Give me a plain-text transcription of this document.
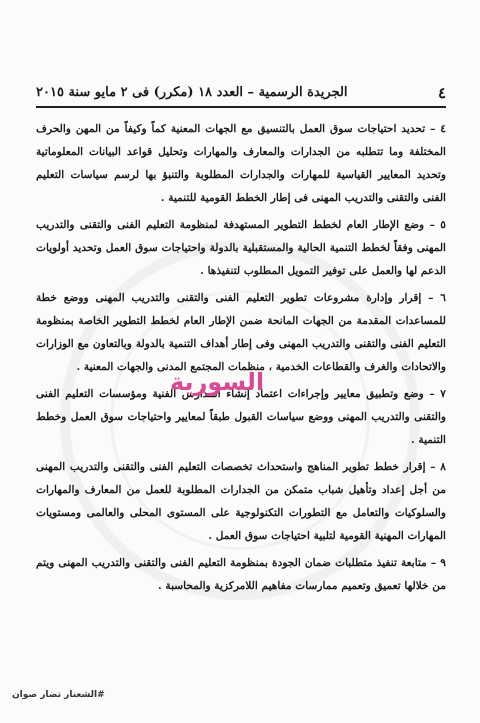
٤
الجريدة الرسمية – العدد ١٨ (مكرر) فى ٢ مايو سنة ٢٠١٥

٤ – تحديد احتياجات سوق العمل بالتنسيق مع الجهات المعنية كماً وكيفاً من المهن والحرف المختلفة وما تتطلبه من الجدارات والمعارف والمهارات وتحليل قواعد البيانات المعلوماتية وتحديد المعايير القياسية للمهارات والجدارات المطلوبة والتنبؤ بها لرسم سياسات التعليم الفنى والتقنى والتدريب المهنى فى إطار الخطط القومية للتنمية .

٥ – وضع الإطار العام لخطط التطوير المستهدفة لمنظومة التعليم الفنى والتقنى والتدريب المهنى وفقاً لخطط التنمية الحالية والمستقبلية بالدولة واحتياجات سوق العمل وتحديد أولويات الدعم لها والعمل على توفير التمويل المطلوب لتنفيذها .

٦ – إقرار وإدارة مشروعات تطوير التعليم الفنى والتقنى والتدريب المهنى ووضع خطة للمساعدات المقدمة من الجهات المانحة ضمن الإطار العام لخطط التطوير الخاصة بمنظومة التعليم الفنى والتقنى والتدريب المهنى وفى إطار أهداف التنمية بالدولة وبالتعاون مع الوزارات والاتحادات والغرف والقطاعات الخدمية ، منظمات المجتمع المدنى والجهات المعنية .

٧ – وضع وتطبيق معايير وإجراءات اعتماد إنشاء المدارس الفنية ومؤسسات التعليم الفنى والتقنى والتدريب المهنى ووضع سياسات القبول طبقاً لمعايير واحتياجات سوق العمل وخطط التنمية .

٨ – إقرار خطط تطوير المناهج واستحداث تخصصات التعليم الفنى والتقنى والتدريب المهنى من أجل إعداد وتأهيل شباب متمكن من الجدارات المطلوبة للعمل من المعارف والمهارات والسلوكيات والتعامل مع التطورات التكنولوجية على المستوى المحلى والعالمى ومستويات المهارات المهنية القومية لتلبية احتياجات سوق العمل .

٩ – متابعة تنفيذ متطلبات ضمان الجودة بمنظومة التعليم الفنى والتقنى والتدريب المهنى ويتم من خلالها تعميق وتعميم ممارسات مفاهيم اللامركزية والمحاسبة .

السورية
#الشعنار تضار صوان
